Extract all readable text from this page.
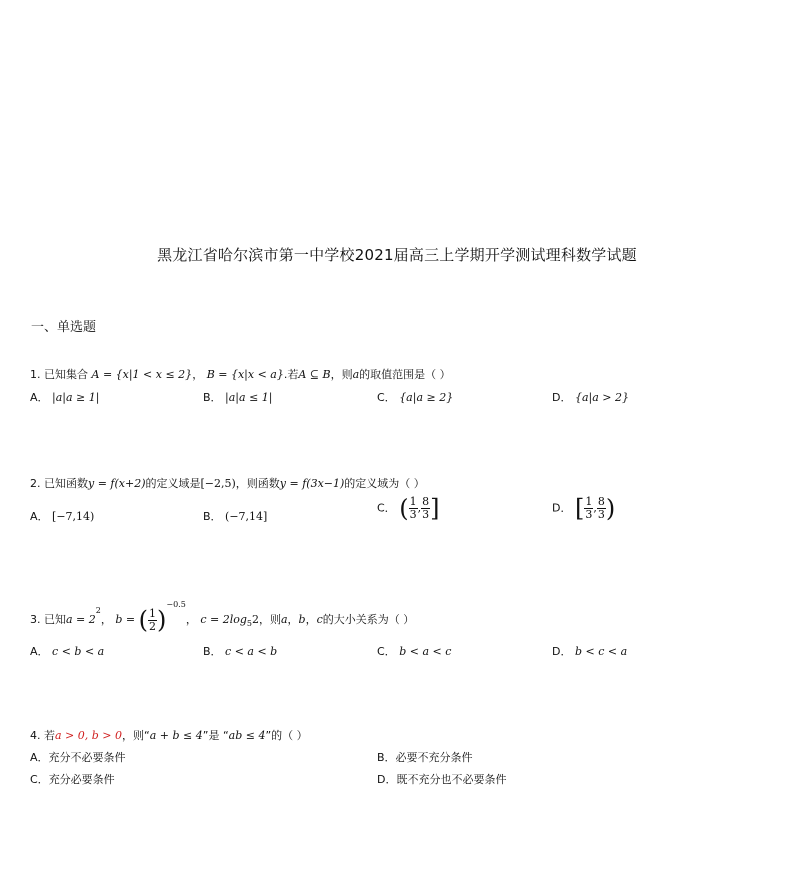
黑龙江省哈尔滨市第一中学校2021届高三上学期开学测试理科数学试题
一、单选题
1. 已知集合 A = {x|1 < x ≤ 2}， B = {x|x < a}.若A ⊆ B，则a的取值范围是（ ）
A． |a|a ≥ 1|	B． |a|a ≤ 1|	C． {a|a ≥ 2}	D． {a|a > 2}
2. 已知函数y = f(x+2)的定义域是[−2,5)，则函数y = f(3x−1)的定义域为（ ）
A． [−7,14)	B． (−7,14]
C． ( $\frac{1}{3}$ , $\frac{8}{3}$ ]	D． [ $\frac{1}{3}$ , $\frac{8}{3}$ )
3. 已知$a = 2^2$， b = ( $\frac{1}{2} )^{-0.5}$， $c = 2\log_52$，则a，b，c的大小关系为（ ）
A． c < b < a	B． c < a < b	C． b < a < c	D． b < c < a
4. 若a > 0, b > 0，则“a + b ≤ 4”是 “ab ≤ 4”的（ ）
A．充分不必要条件	B．必要不充分条件
C．充分必要条件	D．既不充分也不必要条件
